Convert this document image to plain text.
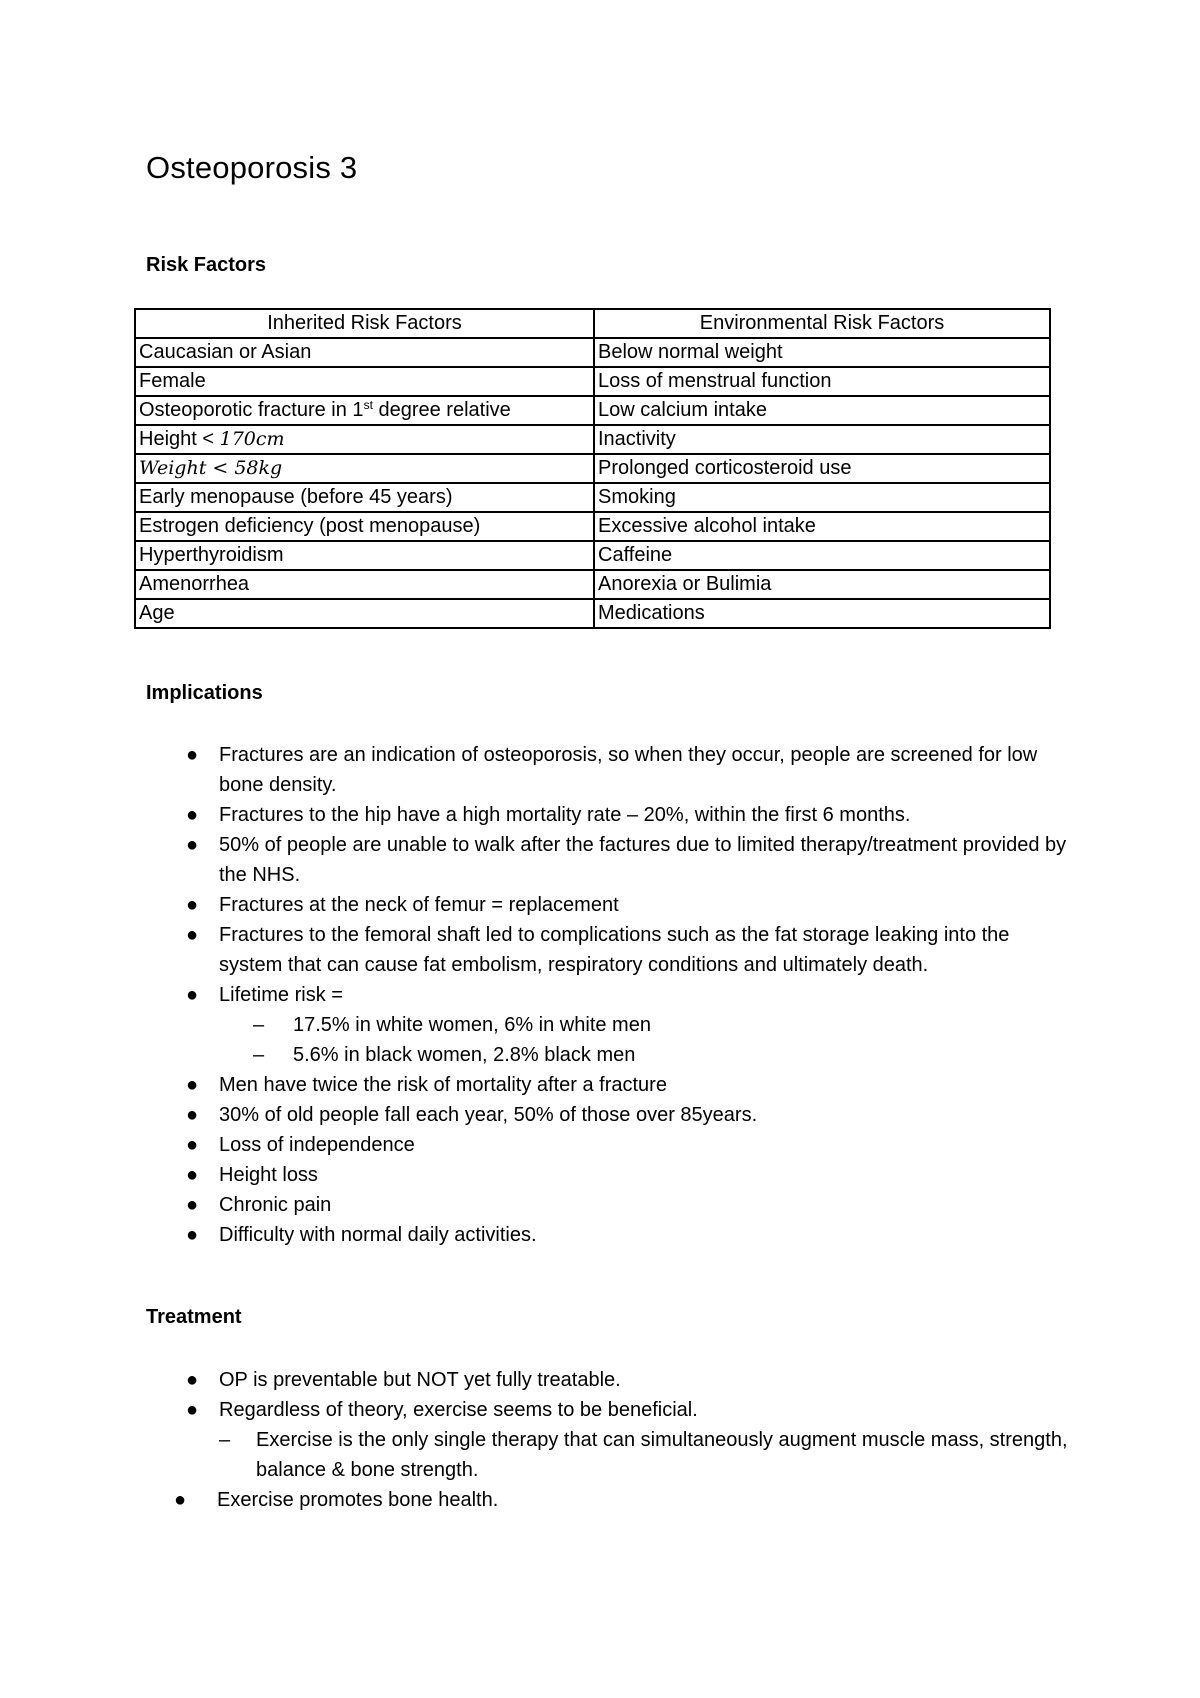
Osteoporosis 3
Risk Factors
Inherited Risk Factors	Environmental Risk Factors
Caucasian or Asian	Below normal weight
Female	Loss of menstrual function
Osteoporotic fracture in 1st degree relative	Low calcium intake
Height < 170cm	Inactivity
Weight < 58kg	Prolonged corticosteroid use
Early menopause (before 45 years)	Smoking
Estrogen deficiency (post menopause)	Excessive alcohol intake
Hyperthyroidism	Caffeine
Amenorrhea	Anorexia or Bulimia
Age	Medications
Implications
● Fractures are an indication of osteoporosis, so when they occur, people are screened for low bone density.
● Fractures to the hip have a high mortality rate – 20%, within the first 6 months.
● 50% of people are unable to walk after the factures due to limited therapy/treatment provided by the NHS.
● Fractures at the neck of femur = replacement
● Fractures to the femoral shaft led to complications such as the fat storage leaking into the system that can cause fat embolism, respiratory conditions and ultimately death.
● Lifetime risk =
– 17.5% in white women, 6% in white men
– 5.6% in black women, 2.8% black men
● Men have twice the risk of mortality after a fracture
● 30% of old people fall each year, 50% of those over 85years.
● Loss of independence
● Height loss
● Chronic pain
● Difficulty with normal daily activities.
Treatment
● OP is preventable but NOT yet fully treatable.
● Regardless of theory, exercise seems to be beneficial.
– Exercise is the only single therapy that can simultaneously augment muscle mass, strength, balance & bone strength.
● Exercise promotes bone health.
